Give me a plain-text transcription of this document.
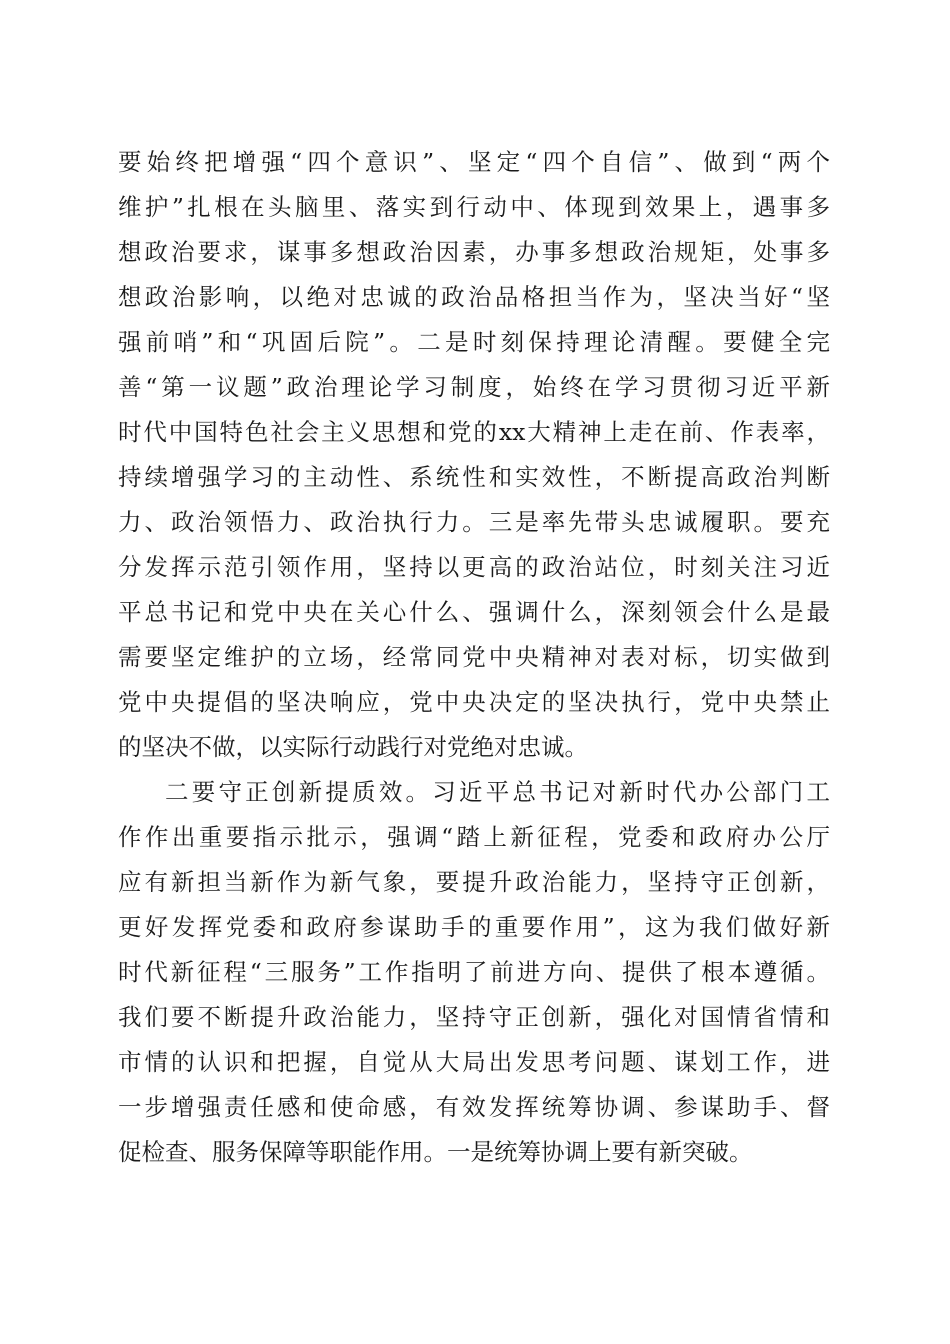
要始终把增强“四个意识”、坚定“四个自信”、做到“两个
维护”扎根在头脑里、落实到行动中、体现到效果上，遇事多
想政治要求，谋事多想政治因素，办事多想政治规矩，处事多
想政治影响，以绝对忠诚的政治品格担当作为，坚决当好“坚
强前哨”和“巩固后院”。二是时刻保持理论清醒。要健全完
善“第一议题”政治理论学习制度，始终在学习贯彻习近平新
时代中国特色社会主义思想和党的xx大精神上走在前、作表率，
持续增强学习的主动性、系统性和实效性，不断提高政治判断
力、政治领悟力、政治执行力。三是率先带头忠诚履职。要充
分发挥示范引领作用，坚持以更高的政治站位，时刻关注习近
平总书记和党中央在关心什么、强调什么，深刻领会什么是最
需要坚定维护的立场，经常同党中央精神对表对标，切实做到
党中央提倡的坚决响应，党中央决定的坚决执行，党中央禁止
的坚决不做，以实际行动践行对党绝对忠诚。
二要守正创新提质效。习近平总书记对新时代办公部门工
作作出重要指示批示，强调“踏上新征程，党委和政府办公厅
应有新担当新作为新气象，要提升政治能力，坚持守正创新，
更好发挥党委和政府参谋助手的重要作用”，这为我们做好新
时代新征程“三服务”工作指明了前进方向、提供了根本遵循。
我们要不断提升政治能力，坚持守正创新，强化对国情省情和
市情的认识和把握，自觉从大局出发思考问题、谋划工作，进
一步增强责任感和使命感，有效发挥统筹协调、参谋助手、督
促检查、服务保障等职能作用。一是统筹协调上要有新突破。
